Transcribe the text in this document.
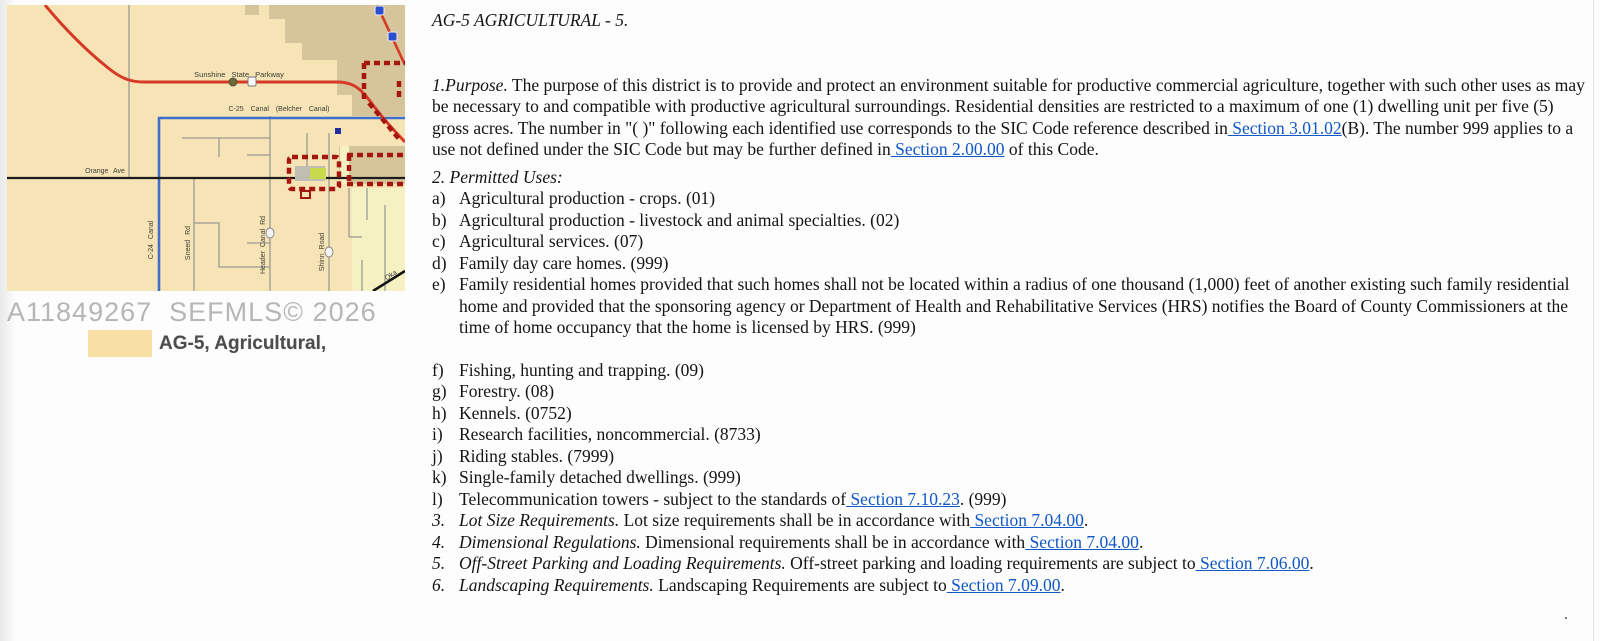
Sunshine State Parkway
C-25 Canal (Belcher Canal)
Orange Ave
C-24 Canal	Sneed Rd	Header Canal Rd	Shinn Road
Oka
A11849267  SEFMLS© 2026
AG-5, Agricultural,
AG-5 AGRICULTURAL - 5.

1.Purpose. The purpose of this district is to provide and protect an environment suitable for productive commercial agriculture, together with such other uses as may be necessary to and compatible with productive agricultural surroundings. Residential densities are restricted to a maximum of one (1) dwelling unit per five (5) gross acres. The number in "( )" following each identified use corresponds to the SIC Code reference described in Section 3.01.02(B). The number 999 applies to a use not defined under the SIC Code but may be further defined in Section 2.00.00 of this Code.

2. Permitted Uses:

a) Agricultural production - crops. (01)
b) Agricultural production - livestock and animal specialties. (02)
c) Agricultural services. (07)
d) Family day care homes. (999)
e) Family residential homes provided that such homes shall not be located within a radius of one thousand (1,000) feet of another existing such family residential home and provided that the sponsoring agency or Department of Health and Rehabilitative Services (HRS) notifies the Board of County Commissioners at the time of home occupancy that the home is licensed by HRS. (999)
f) Fishing, hunting and trapping. (09)
g) Forestry. (08)
h) Kennels. (0752)
i) Research facilities, noncommercial. (8733)
j) Riding stables. (7999)
k) Single-family detached dwellings. (999)
l) Telecommunication towers - subject to the standards of Section 7.10.23. (999)
3. Lot Size Requirements. Lot size requirements shall be in accordance with Section 7.04.00.
4. Dimensional Regulations. Dimensional requirements shall be in accordance with Section 7.04.00.
5. Off-Street Parking and Loading Requirements. Off-street parking and loading requirements are subject to Section 7.06.00.
6. Landscaping Requirements. Landscaping Requirements are subject to Section 7.09.00.
.
